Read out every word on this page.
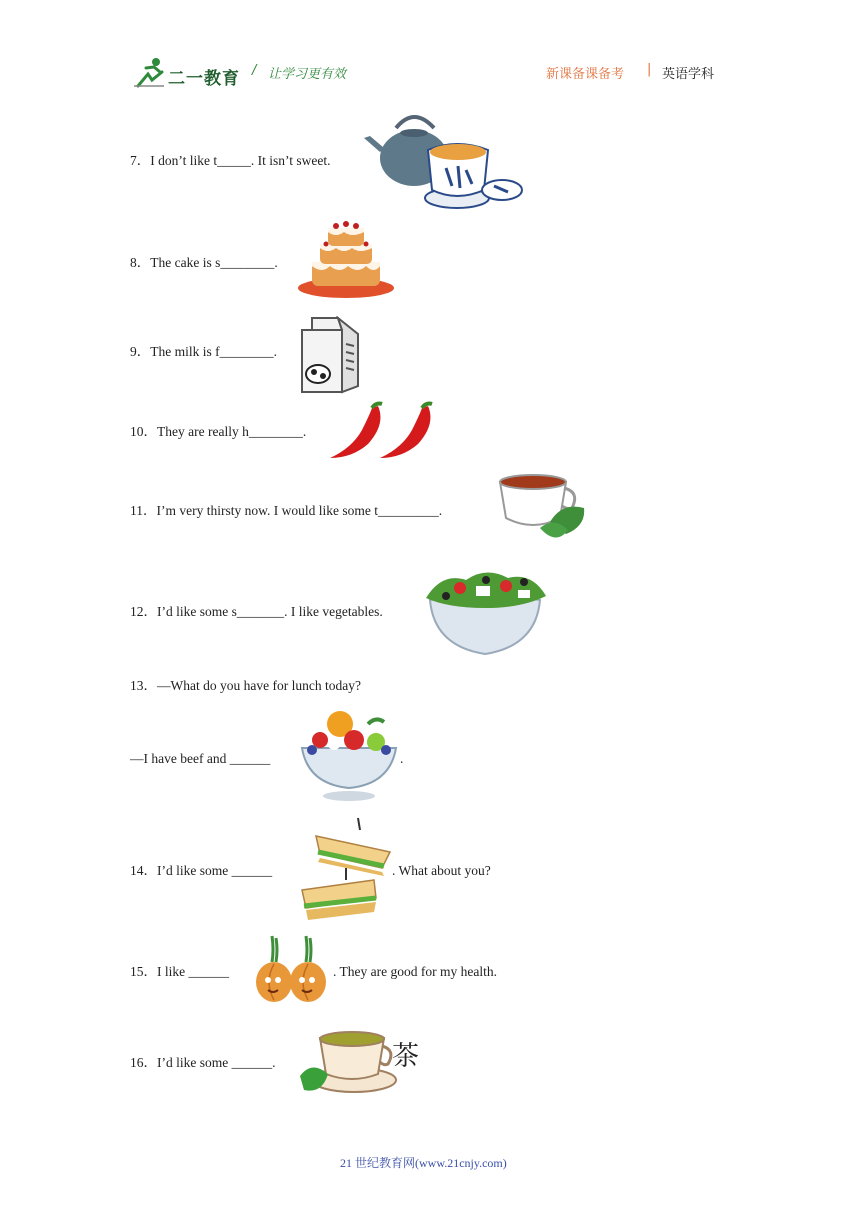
二一教育 / 让学习更有效	新课备课备考 | 英语学科
7．I don’t like t_____. It isn’t sweet.
8．The cake is s________.
9．The milk is f________.
10．They are really h________.
11．I’m very thirsty now. I would like some t_________.
12．I’d like some s_______. I like vegetables.
13．—What do you have for lunch today?
—I have beef and ______	.
14．I’d like some ______	. What about you?
15．I like ______	. They are good for my health.
16．I’d like some ______.	茶
21 世纪教育网(www.21cnjy.com)
